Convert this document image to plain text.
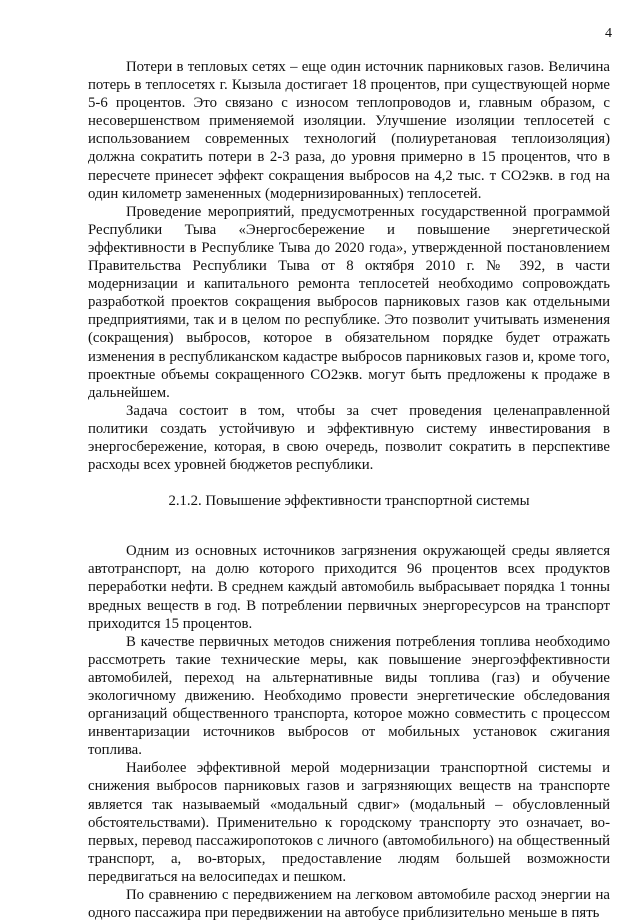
4

Потери в тепловых сетях – еще один источник парниковых газов. Величина потерь в теплосетях г. Кызыла достигает 18 процентов, при существующей норме 5-6 процентов. Это связано с износом теплопроводов и, главным образом, с несовершенством применяемой изоляции. Улучшение изоляции теплосетей с использованием современных технологий (полиуретановая теплоизоляция) должна сократить потери в 2-3 раза, до уровня примерно в 15 процентов, что в пересчете принесет эффект сокращения выбросов на 4,2 тыс. т СО2экв. в год на один километр замененных (модернизированных) теплосетей.

Проведение мероприятий, предусмотренных государственной программой Республики Тыва «Энергосбережение и повышение энергетической эффективности в Республике Тыва до 2020 года», утвержденной постановлением Правительства Республики Тыва от 8 октября 2010 г. № 392, в части модернизации и капитального ремонта теплосетей необходимо сопровождать разработкой проектов сокращения выбросов парниковых газов как отдельными предприятиями, так и в целом по республике. Это позволит учитывать изменения (сокращения) выбросов, которое в обязательном порядке будет отражать изменения в республиканском кадастре выбросов парниковых газов и, кроме того, проектные объемы сокращенного СО2экв. могут быть предложены к продаже в дальнейшем.

Задача состоит в том, чтобы за счет проведения целенаправленной политики создать устойчивую и эффективную систему инвестирования в энергосбережение, которая, в свою очередь, позволит сократить в перспективе расходы всех уровней бюджетов республики.

2.1.2. Повышение эффективности транспортной системы

Одним из основных источников загрязнения окружающей среды является автотранспорт, на долю которого приходится 96 процентов всех продуктов переработки нефти. В среднем каждый автомобиль выбрасывает порядка 1 тонны вредных веществ в год. В потреблении первичных энергоресурсов на транспорт приходится 15 процентов.

В качестве первичных методов снижения потребления топлива необходимо рассмотреть такие технические меры, как повышение энергоэффективности автомобилей, переход на альтернативные виды топлива (газ) и обучение экологичному движению. Необходимо провести энергетические обследования организаций общественного транспорта, которое можно совместить с процессом инвентаризации источников выбросов от мобильных установок сжигания топлива.

Наиболее эффективной мерой модернизации транспортной системы и снижения выбросов парниковых газов и загрязняющих веществ на транспорте является так называемый «модальный сдвиг» (модальный – обусловленный обстоятельствами). Применительно к городскому транспорту это означает, во-первых, перевод пассажиропотоков с личного (автомобильного) на общественный транспорт, а, во-вторых, предоставление людям большей возможности передвигаться на велосипедах и пешком.

По сравнению с передвижением на легковом автомобиле расход энергии на одного пассажира при передвижении на автобусе приблизительно меньше в пять
